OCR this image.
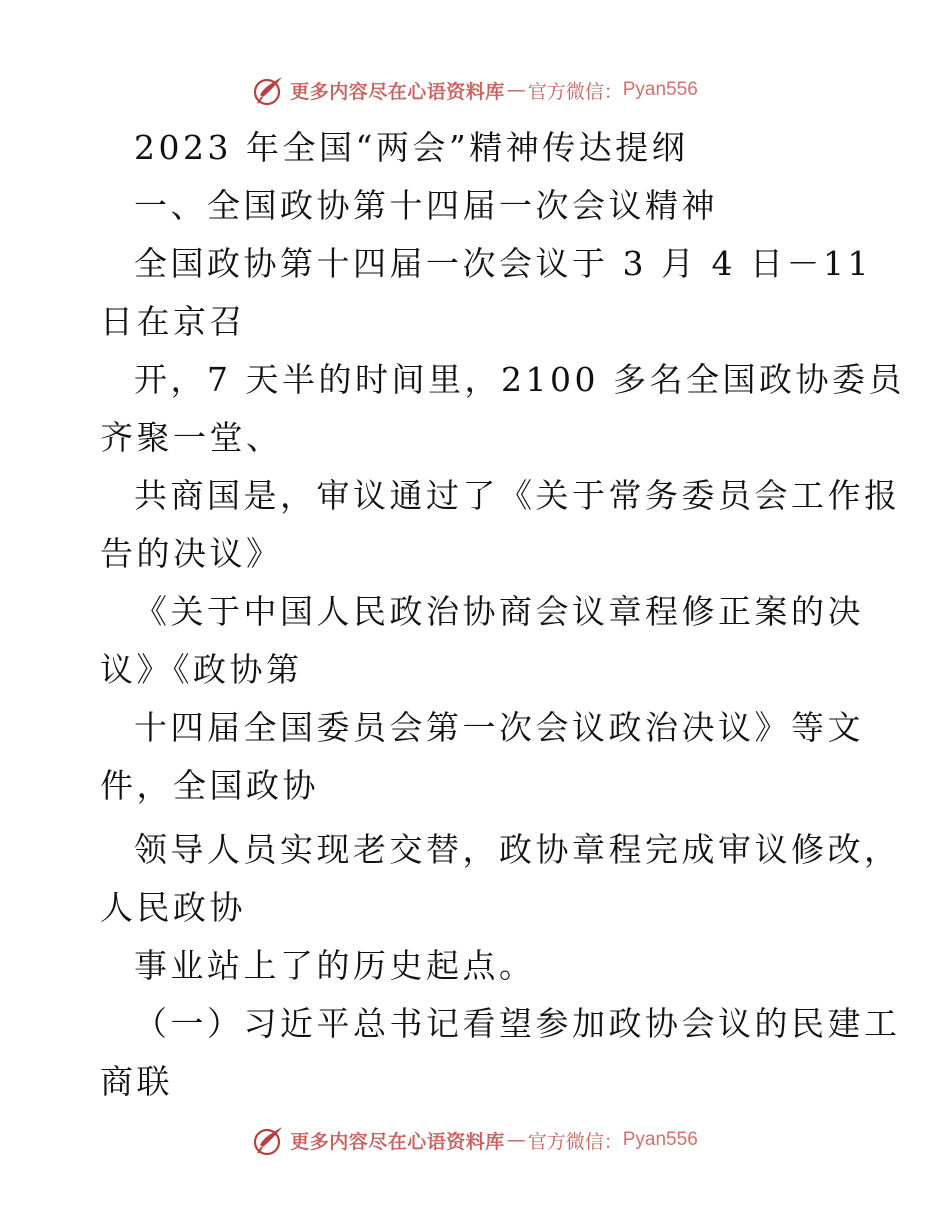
更多内容尽在心语资料库 — 官方微信： Pyan556
2023 年全国“两会”精神传达提纲
一、全国政协第十四届一次会议精神
全国政协第十四届一次会议于 3 月 4 日－11
日在京召
开，7 天半的时间里，2100 多名全国政协委员
齐聚一堂、
共商国是，审议通过了《关于常务委员会工作报
告的决议》
《关于中国人民政治协商会议章程修正案的决
议》《政协第
十四届全国委员会第一次会议政治决议》等文
件，全国政协
领导人员实现老交替，政协章程完成审议修改，
人民政协
事业站上了的历史起点。
（一）习近平总书记看望参加政协会议的民建工
商联
更多内容尽在心语资料库 — 官方微信： Pyan556
